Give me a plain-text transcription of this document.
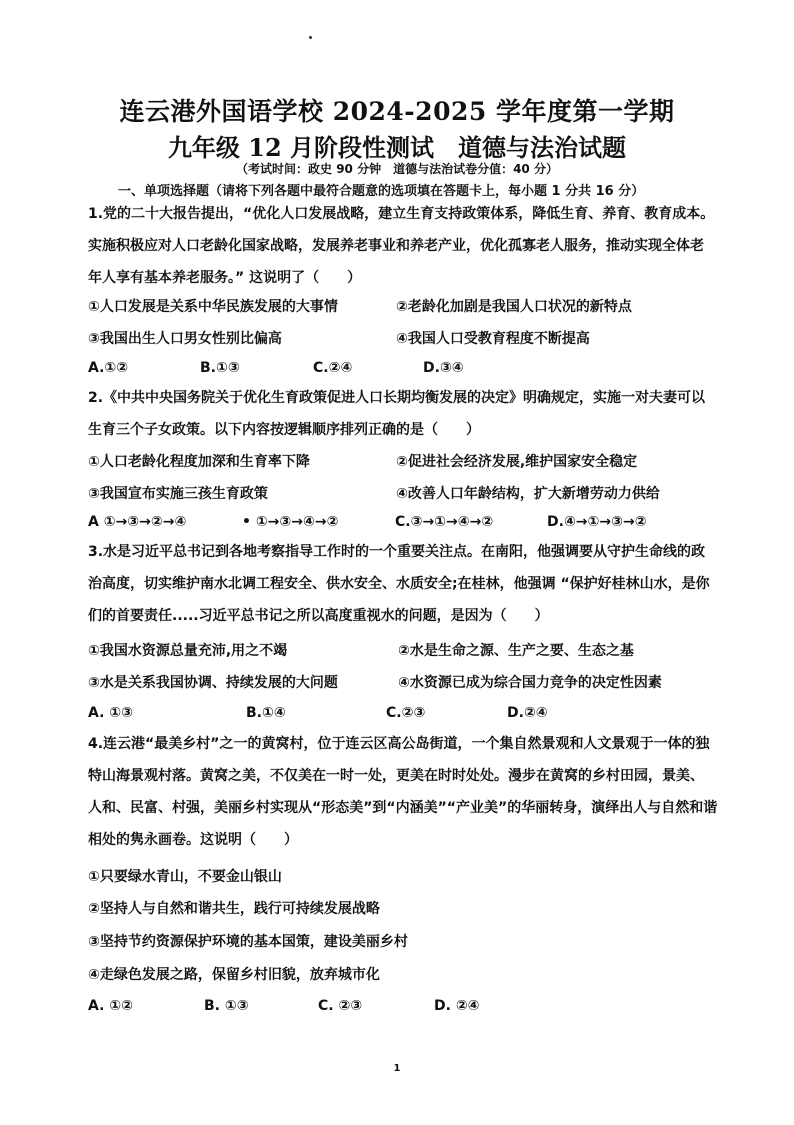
连云港外国语学校 2024-2025 学年度第一学期
九年级 12 月阶段性测试　道德与法治试题
（考试时间：政史 90 分钟　道德与法治试卷分值：40 分）
一、单项选择题（请将下列各题中最符合题意的选项填在答题卡上，每小题 1 分共 16 分）
1.党的二十大报告提出，“优化人口发展战略，建立生育支持政策体系，降低生育、养育、教育成本。
实施积极应对人口老龄化国家战略，发展养老事业和养老产业，优化孤寡老人服务，推动实现全体老
年人享有基本养老服务。” 这说明了（　　）
①人口发展是关系中华民族发展的大事情	②老龄化加剧是我国人口状况的新特点
③我国出生人口男女性别比偏高	④我国人口受教育程度不断提高
A.①②	B.①③	C.②④	D.③④
2.《中共中央国务院关于优化生育政策促进人口长期均衡发展的决定》明确规定，实施一对夫妻可以
生育三个子女政策。以下内容按逻辑顺序排列正确的是（　　）
①人口老龄化程度加深和生育率下降	②促进社会经济发展,维护国家安全稳定
③我国宣布实施三孩生育政策	④改善人口年龄结构，扩大新增劳动力供给
A ①→③→②→④	• ①→③→④→②	C.③→①→④→②	D.④→①→③→②
3.水是习近平总书记到各地考察指导工作时的一个重要关注点。在南阳，他强调要从守护生命线的政
治高度，切实维护南水北调工程安全、供水安全、水质安全;在桂林，他强调 “保护好桂林山水，是你
们的首要责任.....习近平总书记之所以高度重视水的问题，是因为（　　）
①我国水资源总量充沛,用之不竭	②水是生命之源、生产之要、生态之基
③水是关系我国协调、持续发展的大问题	④水资源已成为综合国力竞争的决定性因素
A. ①③	B.①④	C.②③	D.②④
4.连云港“最美乡村”之一的黄窝村，位于连云区高公岛街道，一个集自然景观和人文景观于一体的独
特山海景观村落。黄窝之美，不仅美在一时一处，更美在时时处处。漫步在黄窝的乡村田园，景美、
人和、民富、村强，美丽乡村实现从“形态美”到“内涵美”“产业美”的华丽转身，演绎出人与自然和谐
相处的隽永画卷。这说明（　　）
①只要绿水青山，不要金山银山
②坚持人与自然和谐共生，践行可持续发展战略
③坚持节约资源保护环境的基本国策，建设美丽乡村
④走绿色发展之路，保留乡村旧貌，放弃城市化
A. ①②	B. ①③	C. ②③	D. ②④
1
